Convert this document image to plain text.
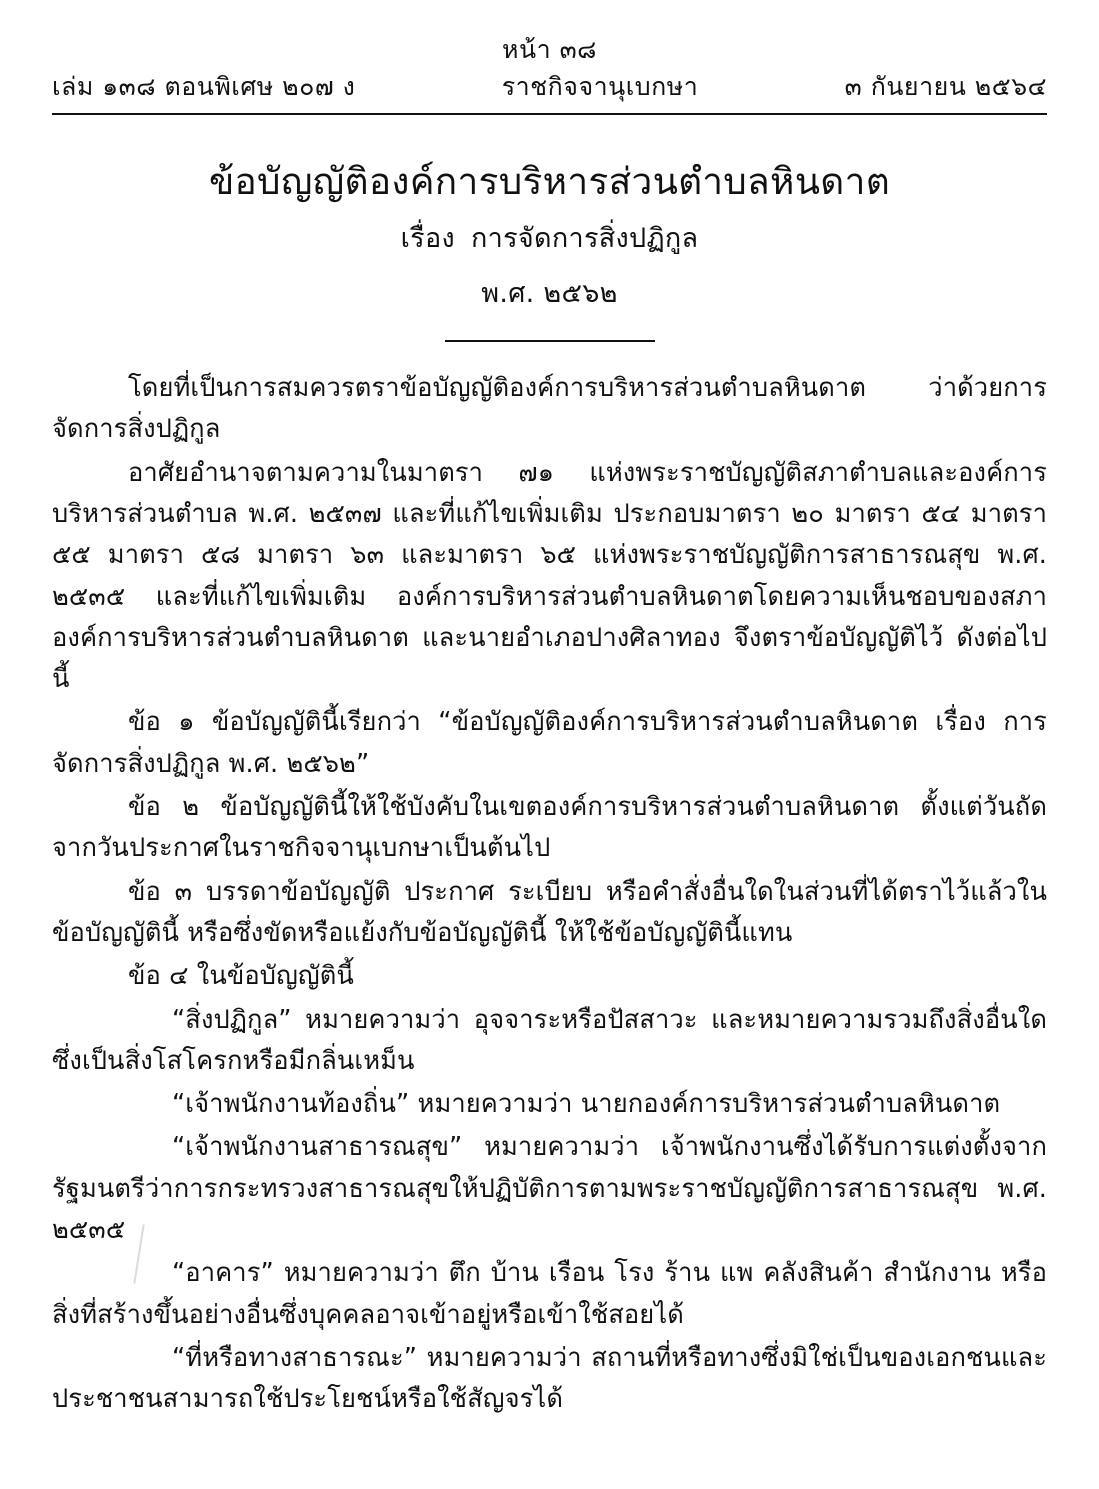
หน้า ๓๘
เล่ม ๑๓๘ ตอนพิเศษ ๒๐๗ ง	ราชกิจจานุเบกษา	๓ กันยายน ๒๕๖๔
ข้อบัญญัติองค์การบริหารส่วนตำบลหินดาต
เรื่อง การจัดการสิ่งปฏิกูล
พ.ศ. ๒๕๖๒

โดยที่เป็นการสมควรตราข้อบัญญัติองค์การบริหารส่วนตำบลหินดาต ว่าด้วยการจัดการสิ่งปฏิกูล

อาศัยอำนาจตามความในมาตรา ๗๑ แห่งพระราชบัญญัติสภาตำบลและองค์การบริหารส่วนตำบล พ.ศ. ๒๕๓๗ และที่แก้ไขเพิ่มเติม ประกอบมาตรา ๒๐ มาตรา ๕๔ มาตรา ๕๕ มาตรา ๕๘ มาตรา ๖๓ และมาตรา ๖๕ แห่งพระราชบัญญัติการสาธารณสุข พ.ศ. ๒๕๓๕ และที่แก้ไขเพิ่มเติม องค์การบริหารส่วนตำบลหินดาตโดยความเห็นชอบของสภาองค์การบริหารส่วนตำบลหินดาต และนายอำเภอปางศิลาทอง จึงตราข้อบัญญัติไว้ ดังต่อไปนี้

ข้อ ๑ ข้อบัญญัตินี้เรียกว่า “ข้อบัญญัติองค์การบริหารส่วนตำบลหินดาต เรื่อง การจัดการสิ่งปฏิกูล พ.ศ. ๒๕๖๒”

ข้อ ๒ ข้อบัญญัตินี้ให้ใช้บังคับในเขตองค์การบริหารส่วนตำบลหินดาต ตั้งแต่วันถัดจากวันประกาศในราชกิจจานุเบกษาเป็นต้นไป

ข้อ ๓ บรรดาข้อบัญญัติ ประกาศ ระเบียบ หรือคำสั่งอื่นใดในส่วนที่ได้ตราไว้แล้วในข้อบัญญัตินี้ หรือซึ่งขัดหรือแย้งกับข้อบัญญัตินี้ ให้ใช้ข้อบัญญัตินี้แทน

ข้อ ๔ ในข้อบัญญัตินี้

“สิ่งปฏิกูล” หมายความว่า อุจจาระหรือปัสสาวะ และหมายความรวมถึงสิ่งอื่นใดซึ่งเป็นสิ่งโสโครกหรือมีกลิ่นเหม็น

“เจ้าพนักงานท้องถิ่น” หมายความว่า นายกองค์การบริหารส่วนตำบลหินดาต

“เจ้าพนักงานสาธารณสุข” หมายความว่า เจ้าพนักงานซึ่งได้รับการแต่งตั้งจากรัฐมนตรีว่าการกระทรวงสาธารณสุขให้ปฏิบัติการตามพระราชบัญญัติการสาธารณสุข พ.ศ. ๒๕๓๕

“อาคาร” หมายความว่า ตึก บ้าน เรือน โรง ร้าน แพ คลังสินค้า สำนักงาน หรือสิ่งที่สร้างขึ้นอย่างอื่นซึ่งบุคคลอาจเข้าอยู่หรือเข้าใช้สอยได้

“ที่หรือทางสาธารณะ” หมายความว่า สถานที่หรือทางซึ่งมิใช่เป็นของเอกชนและประชาชนสามารถใช้ประโยชน์หรือใช้สัญจรได้
